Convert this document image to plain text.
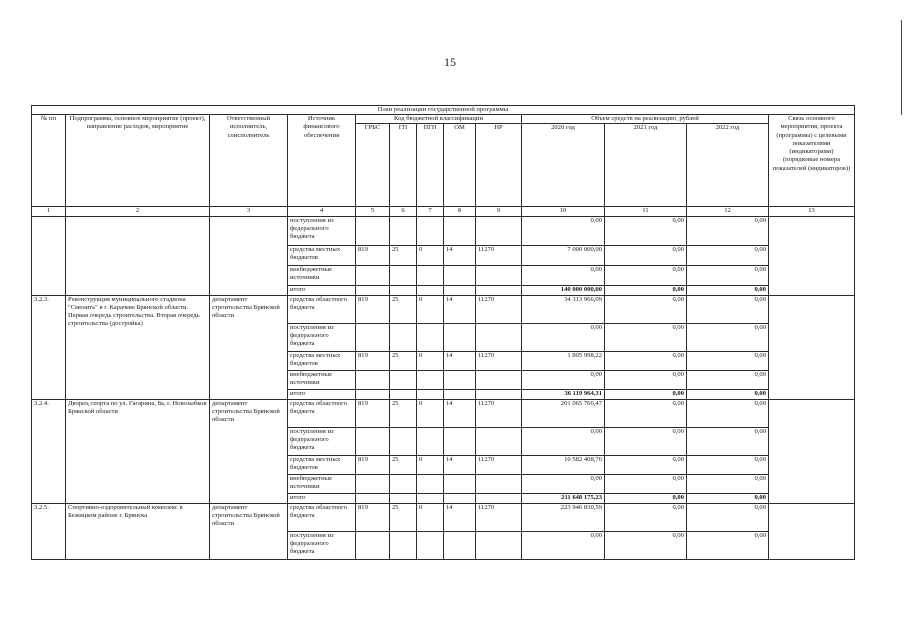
15
План реализации государственной программы												
№ пп	Подпрограмма, основное мероприятие (проект), направление расходов, мероприятие	Ответственный исполнитель, соисполнитель	Источник финансового обеспечения	Код бюджетной классификации					Объем средств на реализацию, рублей			Связь основного мероприятия, проекта (программы) с целевыми показателями (индикаторами) (порядковые номера показателей (индикаторов))
				ГРБС	ГП	ПГП	ОМ	НР	2020 год	2021 год	2022 год	
1	2	3	4	5	6	7	8	9	10	11	12	13
			поступления из федерального бюджета						0,00	0,00	0,00	
			средства местных бюджетов	819	25	0	14	11270	7 000 000,00	0,00	0,00	
			внебюджетные источники						0,00	0,00	0,00	
			итого						140 000 000,00	0,00	0,00	
3.2.3.	Реконструкция муниципального стадиона "Сменить" в г. Карачеве Брянской области. Первая очередь строительства. Вторая очередь строительства (достройка)	департамент строительства Брянской области	средства областного бюджета	819	25	0	14	11270	34 313 966,09	0,00	0,00	
			поступления из федерального бюджета						0,00	0,00	0,00	
			средства местных бюджетов	819	25	0	14	11270	1 805 998,22	0,00	0,00	
			внебюджетные источники						0,00	0,00	0,00	
			итого						36 119 964,31	0,00	0,00	
3.2.4.	Дворец спорта по ул. Гагарина, 8а, г. Новозыбков Брянской области	департамент строительства Брянской области	средства областного бюджета	819	25	0	14	11270	201 065 766,47	0,00	0,00	
			поступления из федерального бюджета						0,00	0,00	0,00	
			средства местных бюджетов	819	25	0	14	11270	10 582 408,76	0,00	0,00	
			внебюджетные источники						0,00	0,00	0,00	
			итого						211 648 175,23	0,00	0,00	
3.2.5.	Спортивно-оздоровительный комплекс в Бежицком районе г. Брянска	департамент строительства Брянской области	средства областного бюджета	819	25	0	14	11270	223 946 830,59	0,00	0,00	
			поступления из федерального бюджета						0,00	0,00	0,00	
